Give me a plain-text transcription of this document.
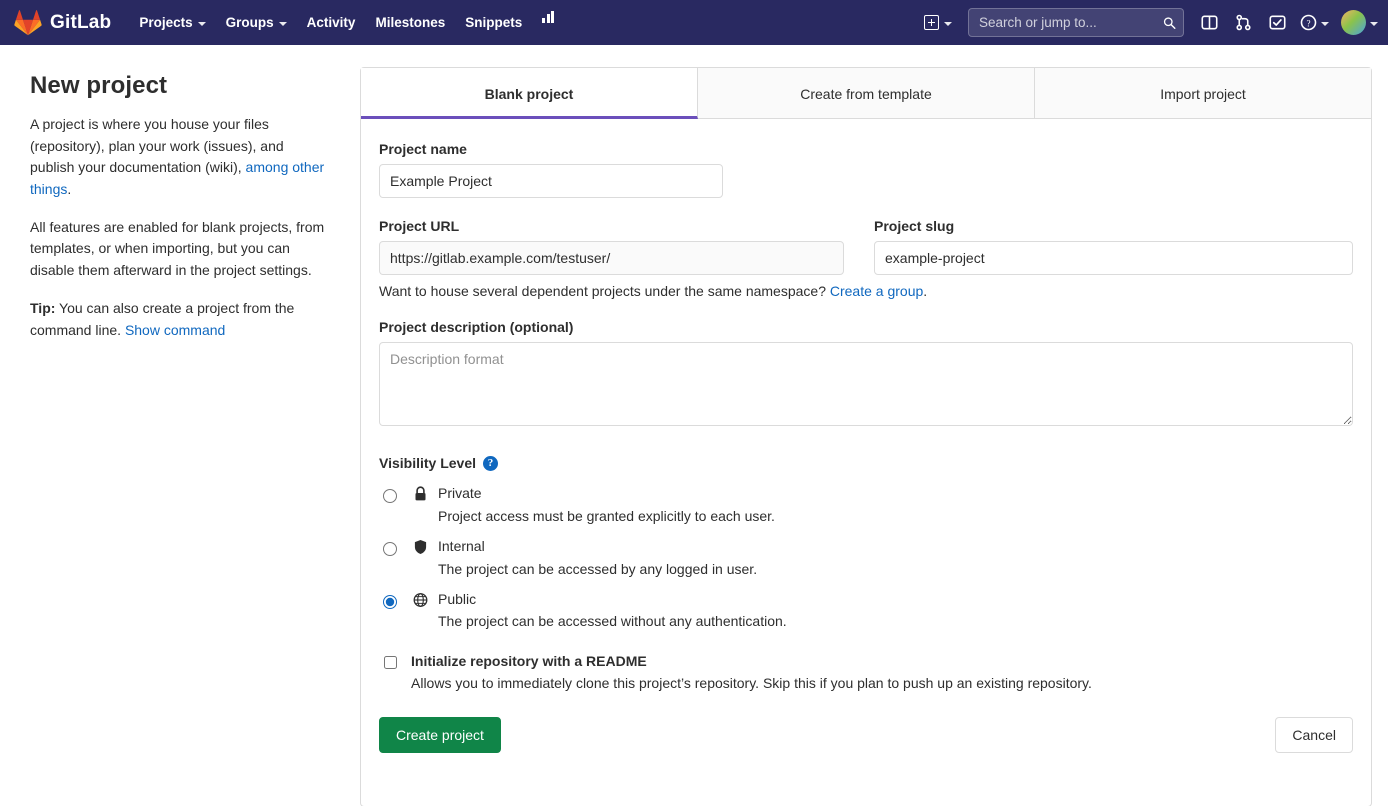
GitLab Projects Groups Activity Milestones Snippets
Search or jump to...	?
New project

A project is where you house your files (repository), plan your work (issues), and publish your documentation (wiki), among other things.

All features are enabled for blank projects, from templates, or when importing, but you can disable them afterward in the project settings.

Tip: You can also create a project from the command line. Show command

Blank project	Create from template	Import project
Project name
Example Project
Project URL
https://gitlab.example.com/testuser/	Project slug
example-project
Want to house several dependent projects under the same namespace? Create a group.
Project description (optional)
Description format
Visibility Level	?
Private
Project access must be granted explicitly to each user.
Internal
The project can be accessed by any logged in user.
Public
The project can be accessed without any authentication.
Initialize repository with a README
Allows you to immediately clone this project’s repository. Skip this if you plan to push up an existing repository.
Create project	Cancel
